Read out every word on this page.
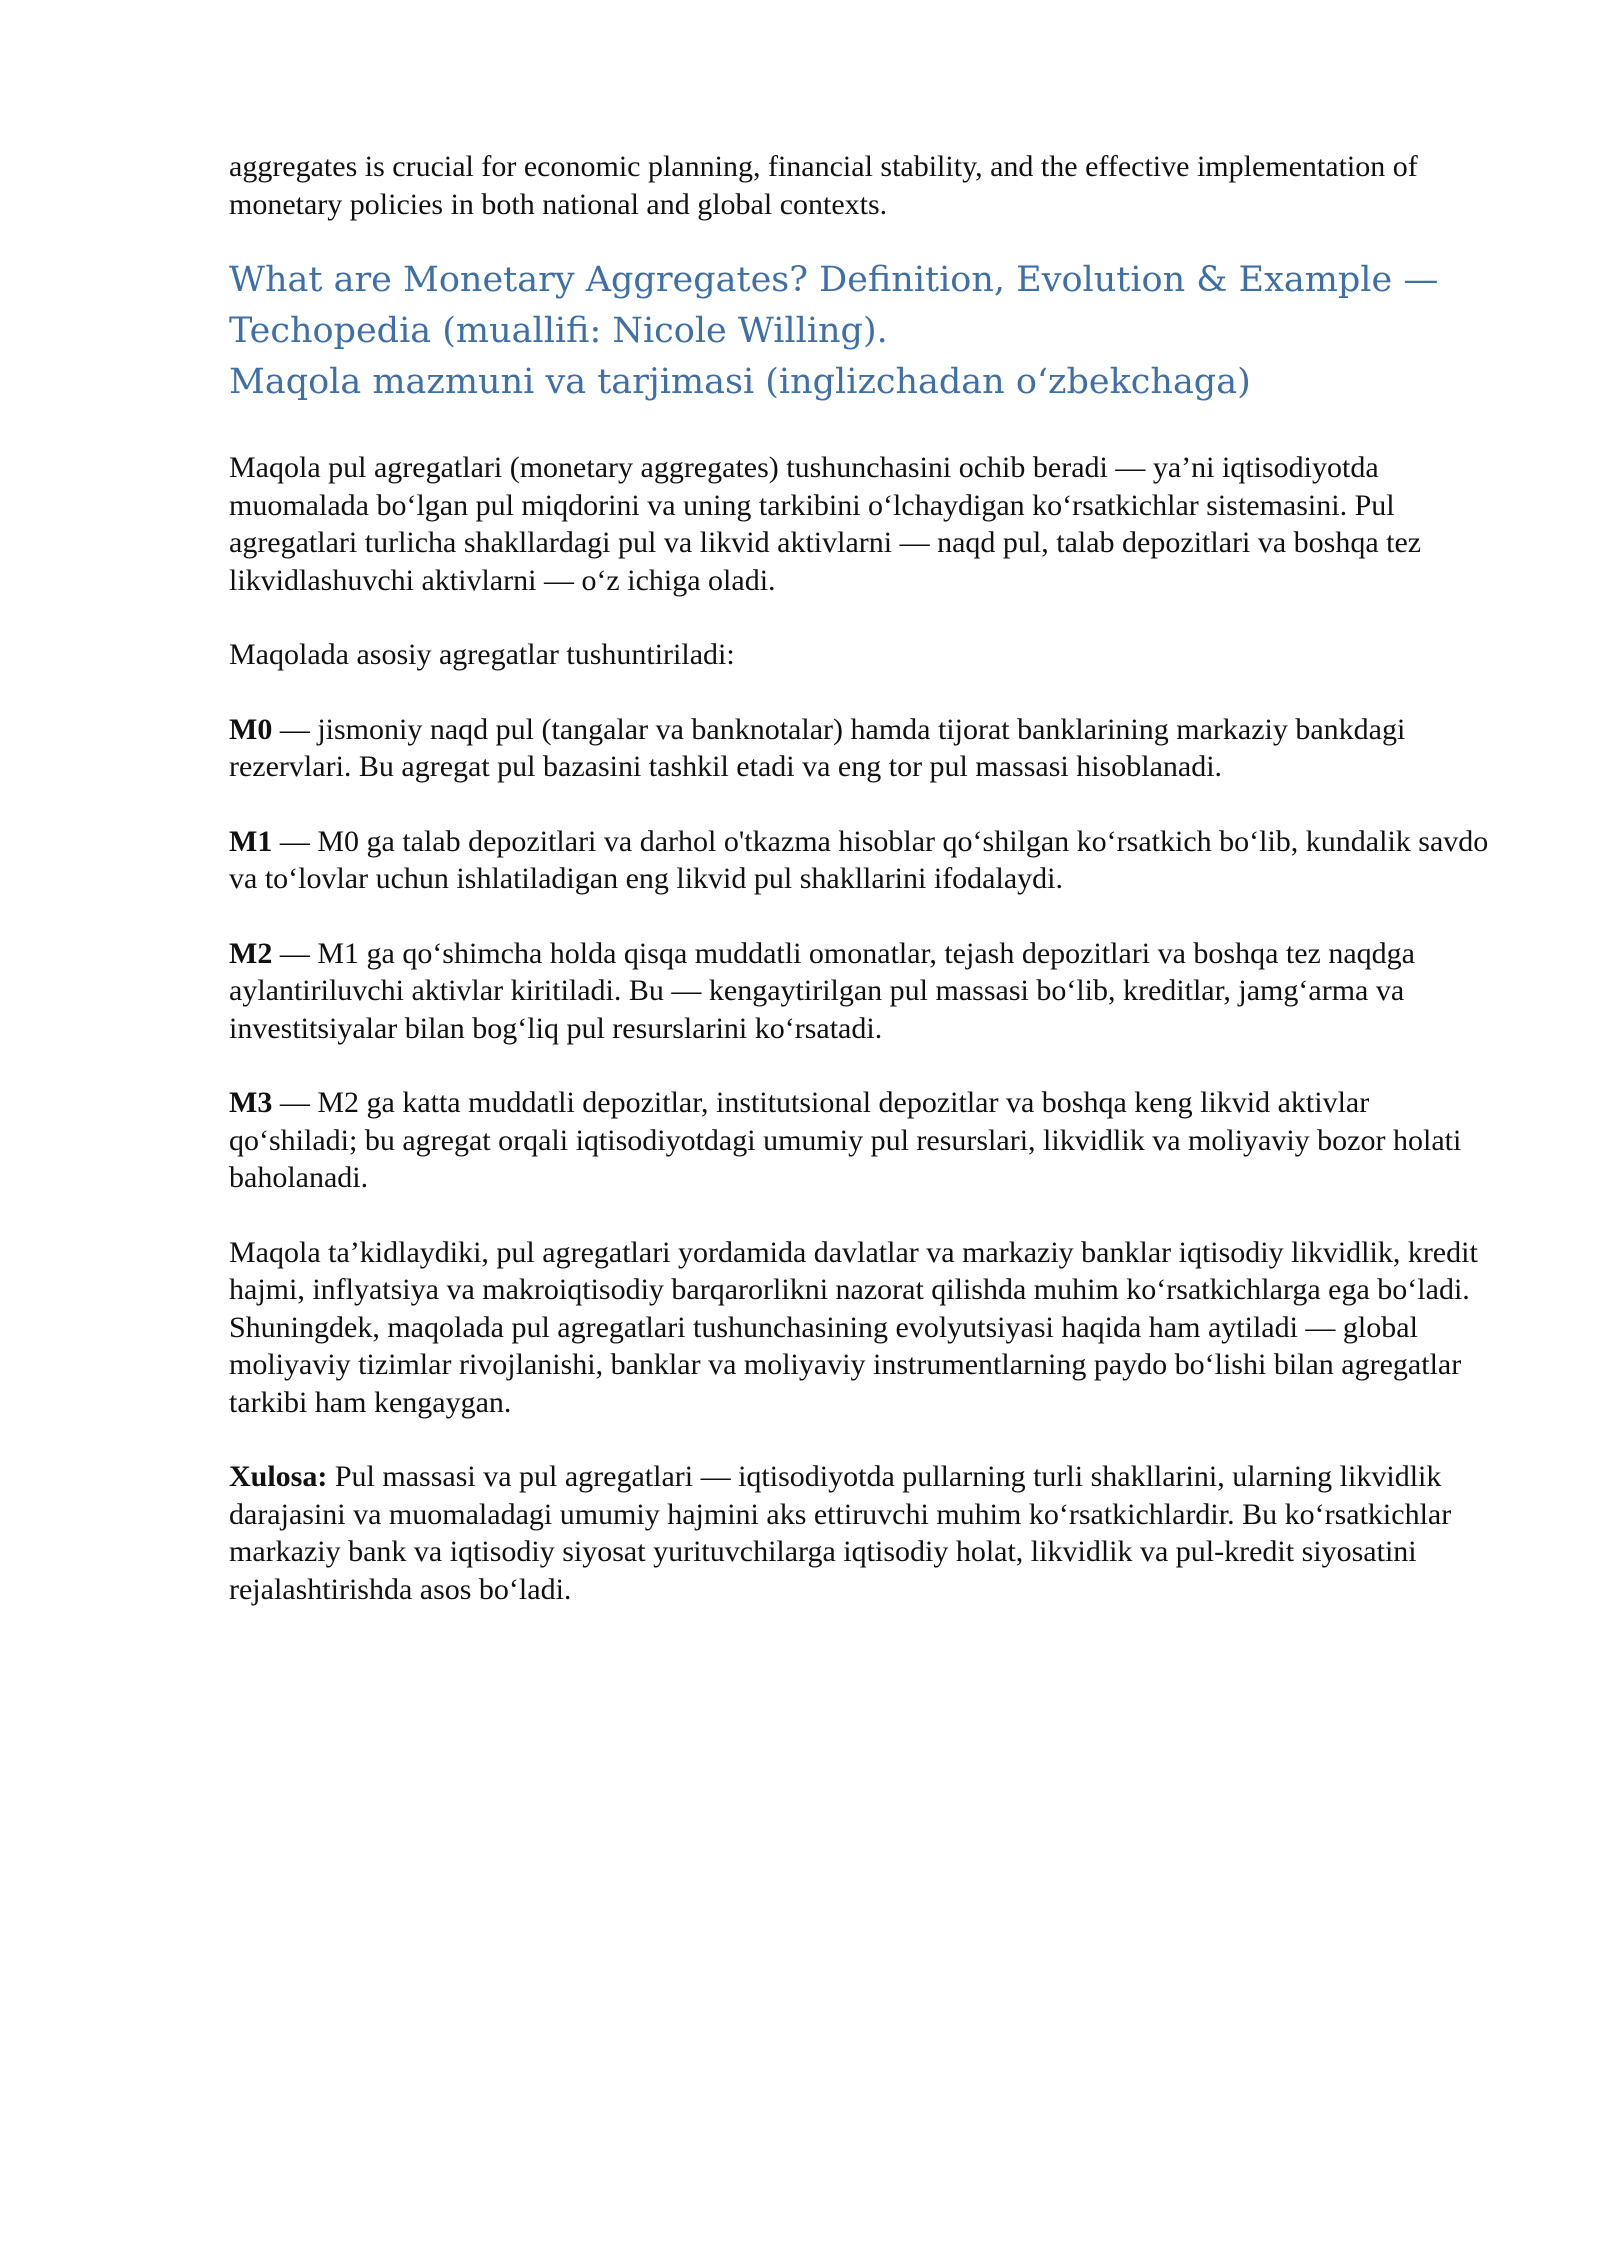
aggregates is crucial for economic planning, financial stability, and the effective implementation of monetary policies in both national and global contexts.

What are Monetary Aggregates? Definition, Evolution & Example —
Techopedia (muallifi: Nicole Willing).
Maqola mazmuni va tarjimasi (inglizchadan o‘zbekchaga)

Maqola pul agregatlari (monetary aggregates) tushunchasini ochib beradi — ya’ni iqtisodiyotda muomalada bo‘lgan pul miqdorini va uning tarkibini o‘lchaydigan ko‘rsatkichlar sistemasini. Pul agregatlari turlicha shakllardagi pul va likvid aktivlarni — naqd pul, talab depozitlari va boshqa tez likvidlashuvchi aktivlarni — o‘z ichiga oladi.

Maqolada asosiy agregatlar tushuntiriladi:

M0 — jismoniy naqd pul (tangalar va banknotalar) hamda tijorat banklarining markaziy bankdagi rezervlari. Bu agregat pul bazasini tashkil etadi va eng tor pul massasi hisoblanadi.

M1 — M0 ga talab depozitlari va darhol o'tkazma hisoblar qo‘shilgan ko‘rsatkich bo‘lib, kundalik savdo va to‘lovlar uchun ishlatiladigan eng likvid pul shakllarini ifodalaydi.

M2 — M1 ga qo‘shimcha holda qisqa muddatli omonatlar, tejash depozitlari va boshqa tez naqdga aylantiriluvchi aktivlar kiritiladi. Bu — kengaytirilgan pul massasi bo‘lib, kreditlar, jamg‘arma va investitsiyalar bilan bog‘liq pul resurslarini ko‘rsatadi.

M3 — M2 ga katta muddatli depozitlar, institutsional depozitlar va boshqa keng likvid aktivlar qo‘shiladi; bu agregat orqali iqtisodiyotdagi umumiy pul resurslari, likvidlik va moliyaviy bozor holati baholanadi.

Maqola ta’kidlaydiki, pul agregatlari yordamida davlatlar va markaziy banklar iqtisodiy likvidlik, kredit hajmi, inflyatsiya va makroiqtisodiy barqarorlikni nazorat qilishda muhim ko‘rsatkichlarga ega bo‘ladi. Shuningdek, maqolada pul agregatlari tushunchasining evolyutsiyasi haqida ham aytiladi — global moliyaviy tizimlar rivojlanishi, banklar va moliyaviy instrumentlarning paydo bo‘lishi bilan agregatlar tarkibi ham kengaygan.

Xulosa: Pul massasi va pul agregatlari — iqtisodiyotda pullarning turli shakllarini, ularning likvidlik darajasini va muomaladagi umumiy hajmini aks ettiruvchi muhim ko‘rsatkichlardir. Bu ko‘rsatkichlar markaziy bank va iqtisodiy siyosat yurituvchilarga iqtisodiy holat, likvidlik va pul-kredit siyosatini rejalashtirishda asos bo‘ladi.
